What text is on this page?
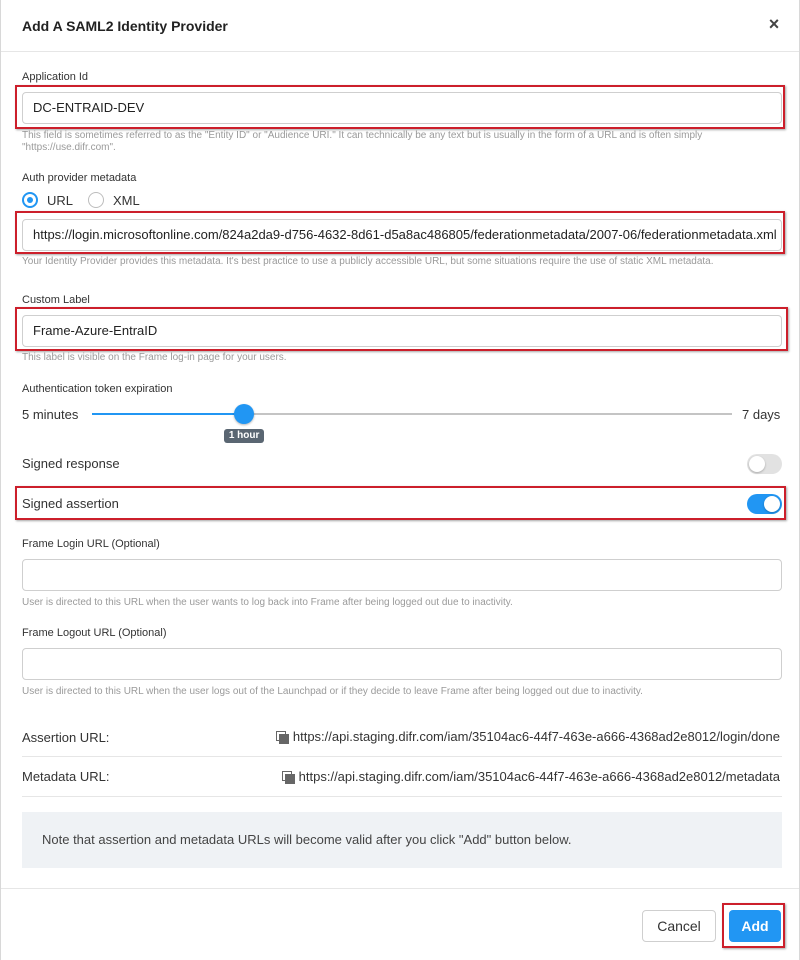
Add A SAML2 Identity Provider	×
Application Id
DC-ENTRAID-DEV
This field is sometimes referred to as the "Entity ID" or "Audience URI." It can technically be any text but is usually in the form of a URL and is often simply "https://use.difr.com".
Auth provider metadata
URL	XML
https://login.microsoftonline.com/824a2da9-d756-4632-8d61-d5a8ac486805/federationmetadata/2007-06/federationmetadata.xml
Your Identity Provider provides this metadata. It's best practice to use a publicly accessible URL, but some situations require the use of static XML metadata.
Custom Label
Frame-Azure-EntraID
This label is visible on the Frame log-in page for your users.
Authentication token expiration
5 minutes
1 hour
7 days
Signed response
Signed assertion
Frame Login URL (Optional)
User is directed to this URL when the user wants to log back into Frame after being logged out due to inactivity.
Frame Logout URL (Optional)
User is directed to this URL when the user logs out of the Launchpad or if they decide to leave Frame after being logged out due to inactivity.
Assertion URL:	https://api.staging.difr.com/iam/35104ac6-44f7-463e-a666-4368ad2e8012/login/done
Metadata URL:	https://api.staging.difr.com/iam/35104ac6-44f7-463e-a666-4368ad2e8012/metadata
Note that assertion and metadata URLs will become valid after you click "Add" button below.
Cancel	Add
